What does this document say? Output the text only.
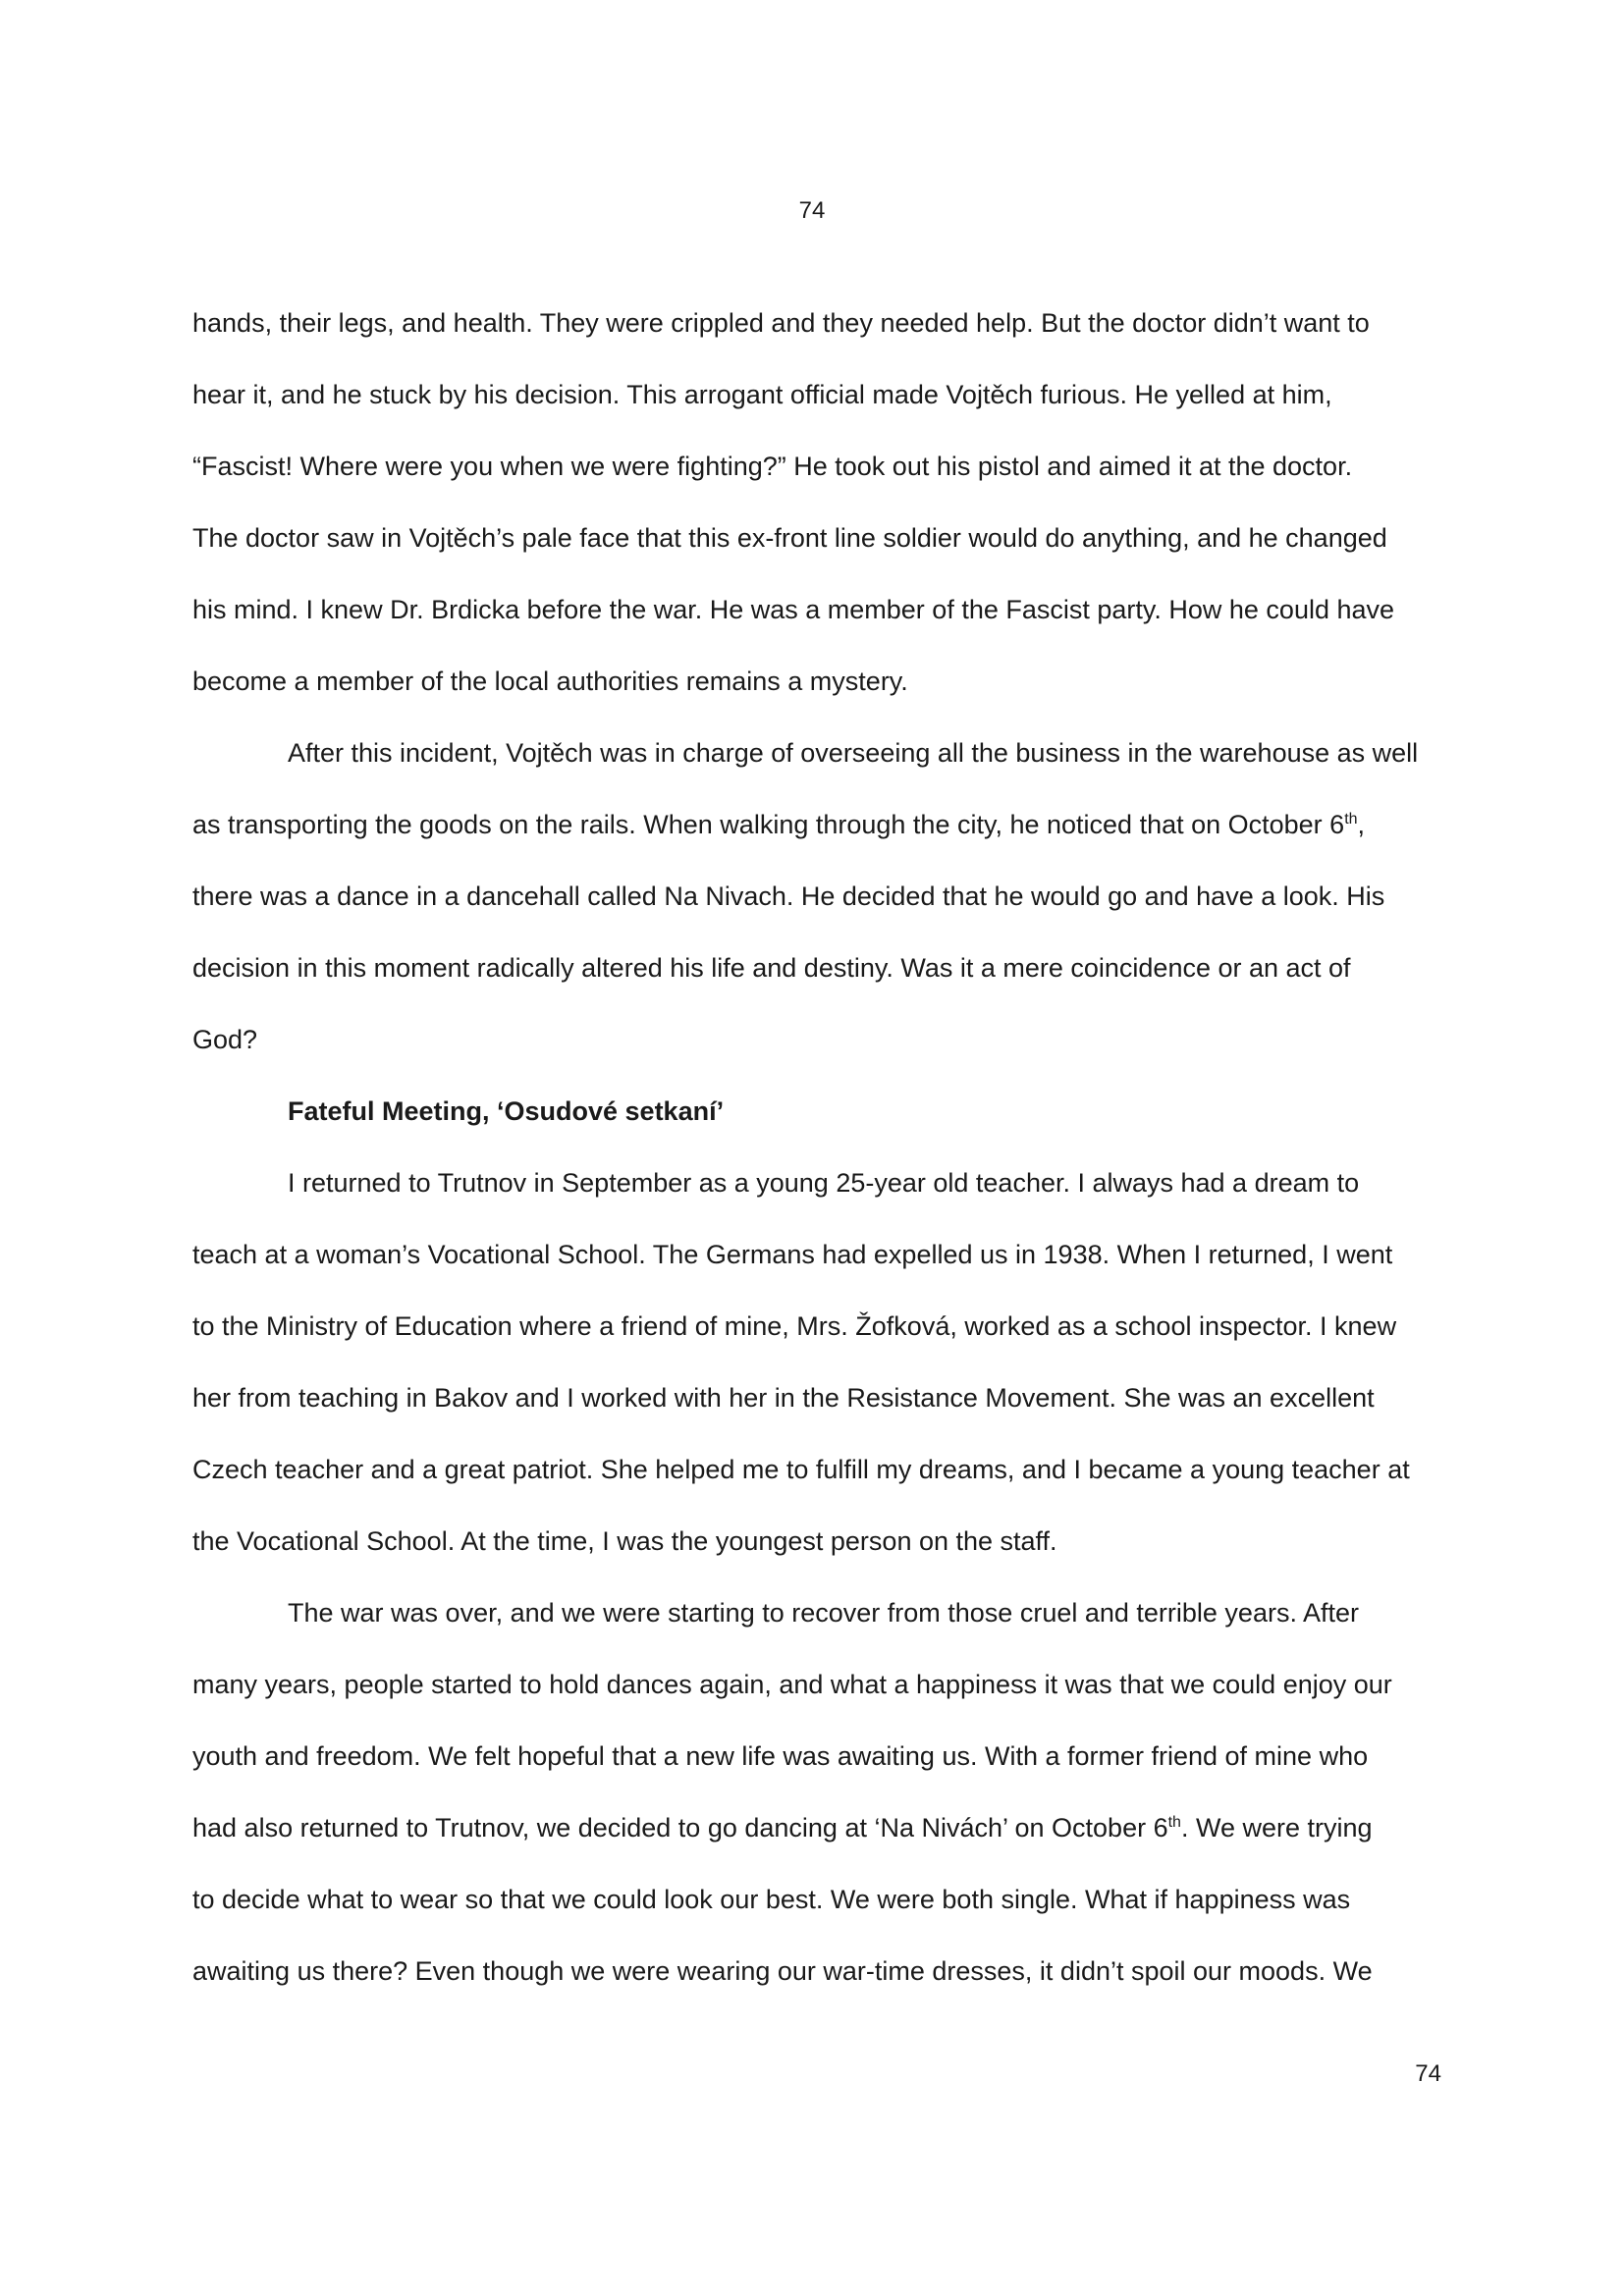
74

hands, their legs, and health. They were crippled and they needed help. But the doctor didn’t want to

hear it, and he stuck by his decision. This arrogant official made Vojtěch furious. He yelled at him,

“Fascist! Where were you when we were fighting?” He took out his pistol and aimed it at the doctor.

The doctor saw in Vojtěch’s pale face that this ex-front line soldier would do anything, and he changed

his mind. I knew Dr. Brdicka before the war. He was a member of the Fascist party. How he could have

become a member of the local authorities remains a mystery.

After this incident, Vojtěch was in charge of overseeing all the business in the warehouse as well

as transporting the goods on the rails. When walking through the city, he noticed that on October 6th,

there was a dance in a dancehall called Na Nivach. He decided that he would go and have a look. His

decision in this moment radically altered his life and destiny. Was it a mere coincidence or an act of

God?

Fateful Meeting, ‘Osudové setkaní’

I returned to Trutnov in September as a young 25-year old teacher. I always had a dream to

teach at a woman’s Vocational School. The Germans had expelled us in 1938. When I returned, I went

to the Ministry of Education where a friend of mine, Mrs. Žofková, worked as a school inspector. I knew

her from teaching in Bakov and I worked with her in the Resistance Movement. She was an excellent

Czech teacher and a great patriot. She helped me to fulfill my dreams, and I became a young teacher at

the Vocational School. At the time, I was the youngest person on the staff.

The war was over, and we were starting to recover from those cruel and terrible years. After

many years, people started to hold dances again, and what a happiness it was that we could enjoy our

youth and freedom. We felt hopeful that a new life was awaiting us. With a former friend of mine who

had also returned to Trutnov, we decided to go dancing at ‘Na Nivách’ on October 6th. We were trying

to decide what to wear so that we could look our best. We were both single. What if happiness was

awaiting us there? Even though we were wearing our war-time dresses, it didn’t spoil our moods. We

74
